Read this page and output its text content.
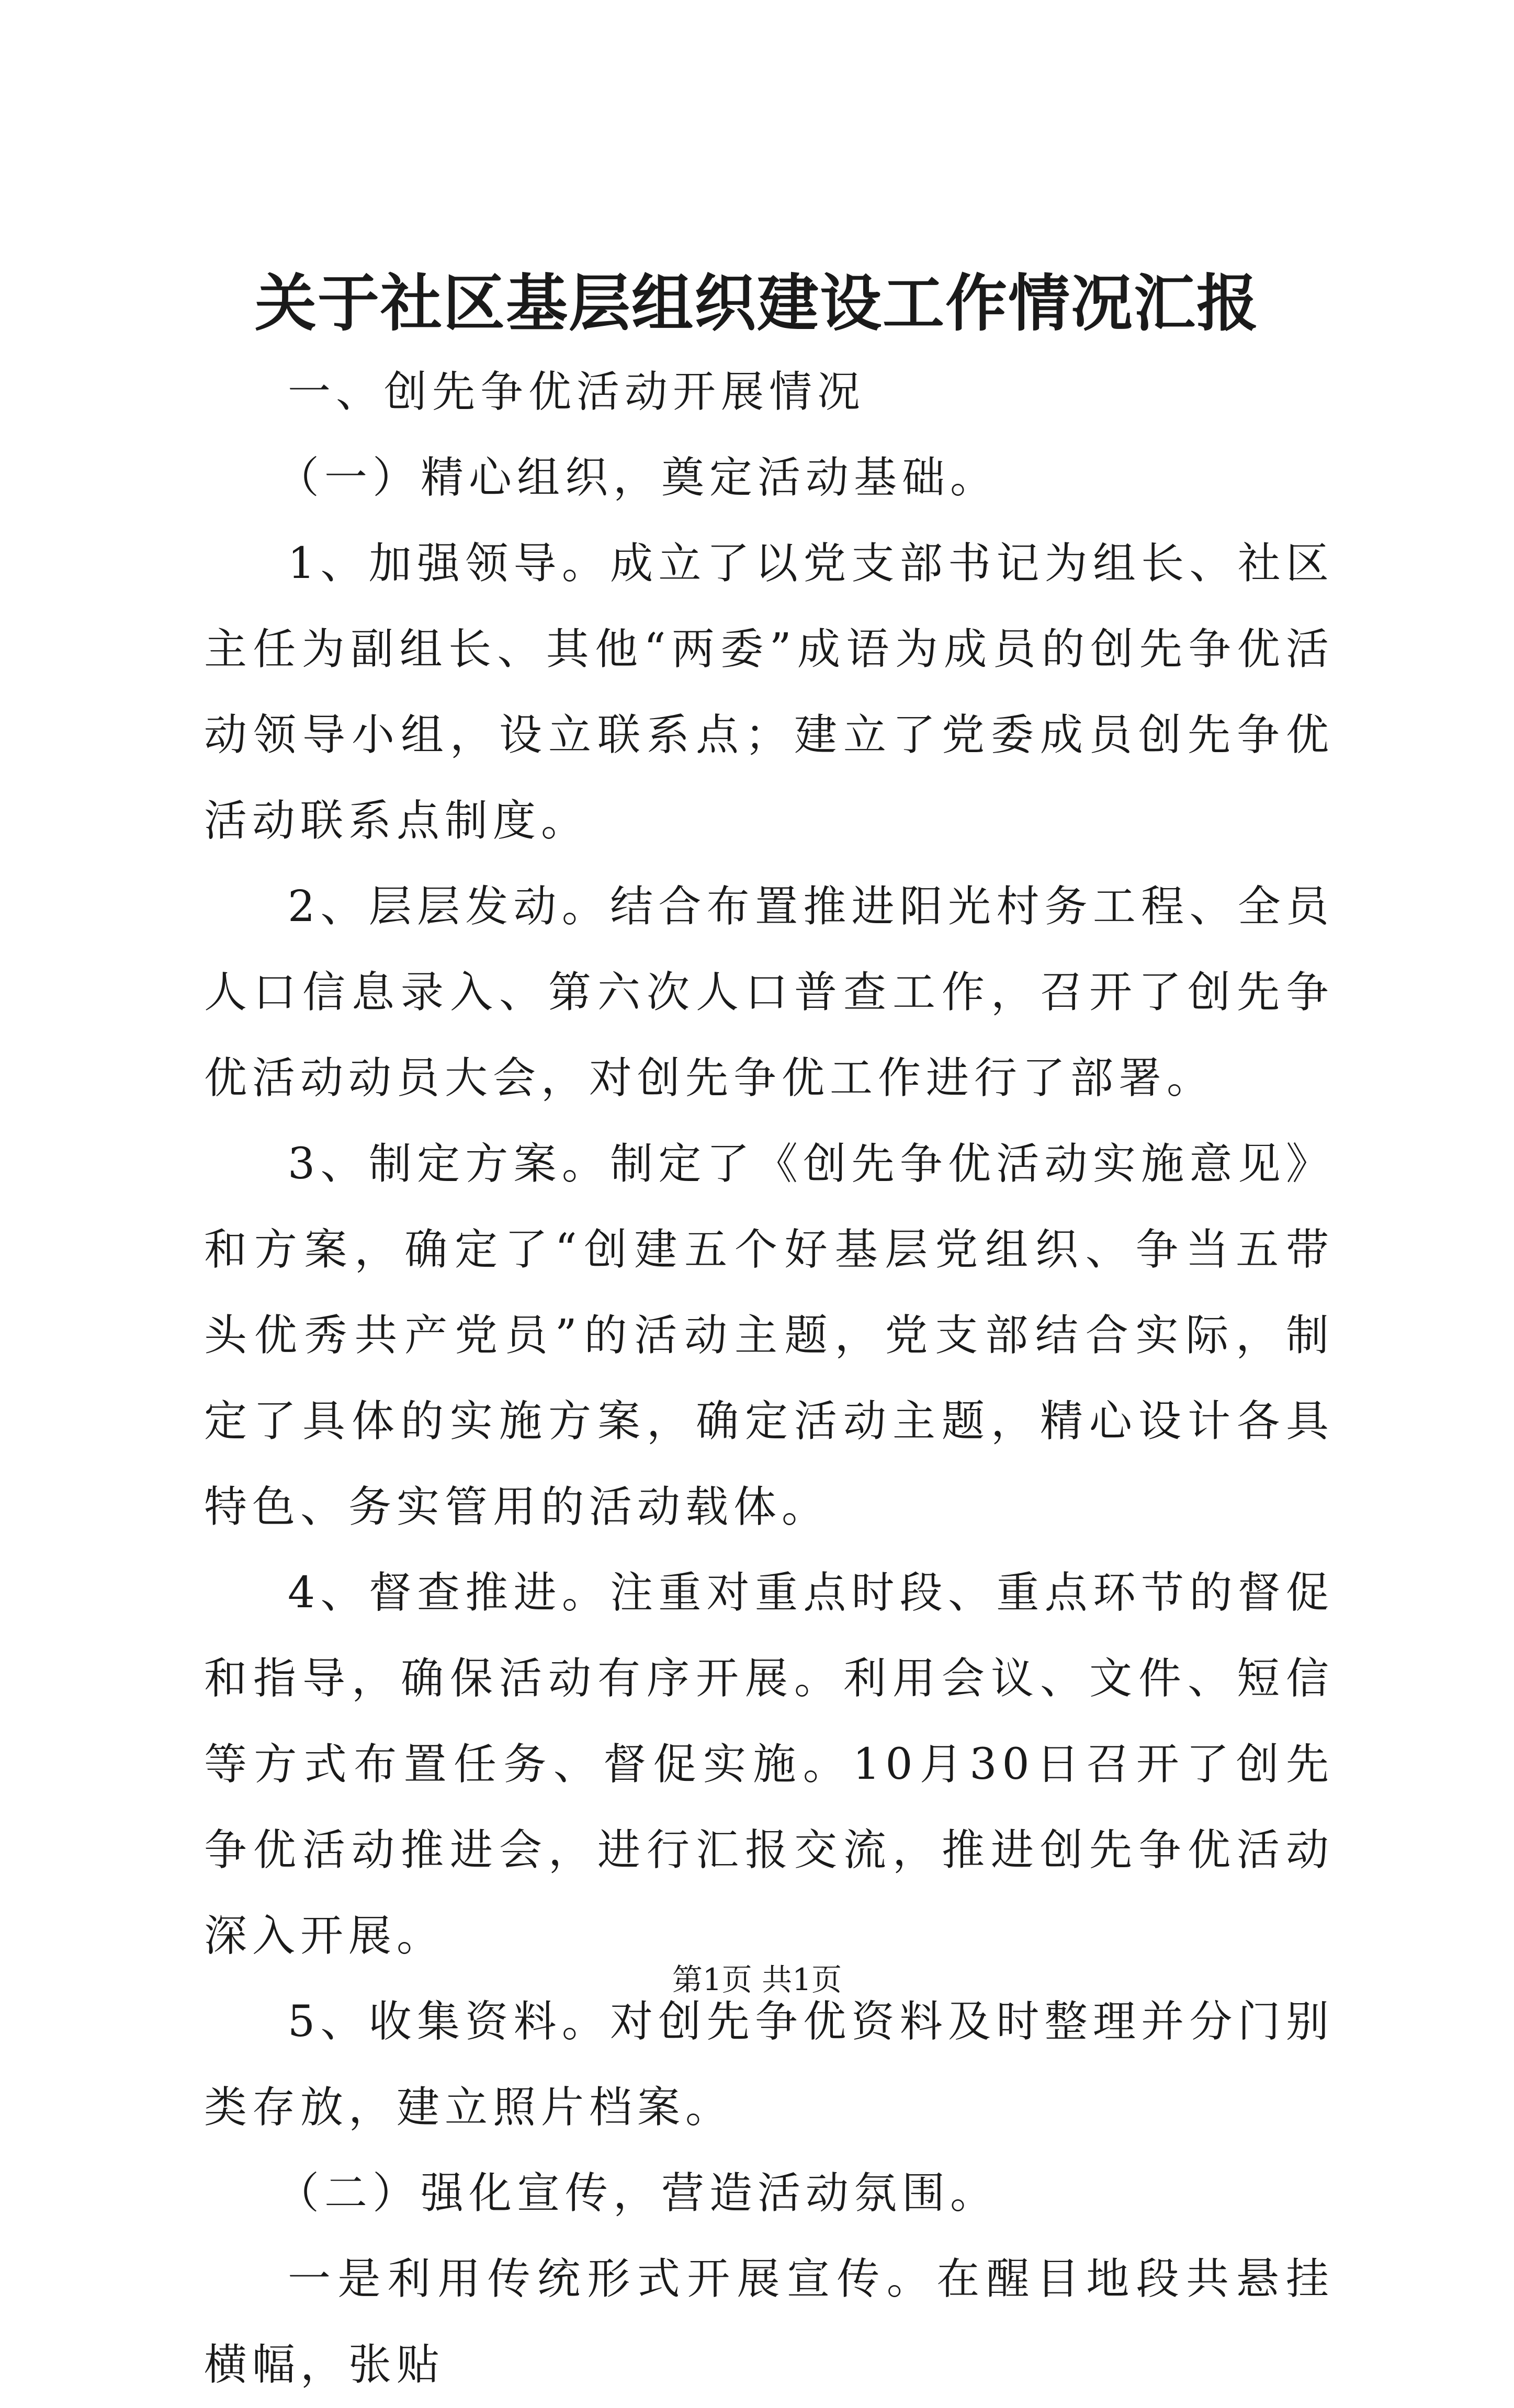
关于社区基层组织建设工作情况汇报

一、创先争优活动开展情况

（一）精心组织，奠定活动基础。

1、加强领导。成立了以党支部书记为组长、社区主任为副组长、其他“两委”成语为成员的创先争优活动领导小组，设立联系点；建立了党委成员创先争优活动联系点制度。

2、层层发动。结合布置推进阳光村务工程、全员人口信息录入、第六次人口普查工作，召开了创先争优活动动员大会，对创先争优工作进行了部署。

3、制定方案。制定了《创先争优活动实施意见》和方案，确定了“创建五个好基层党组织、争当五带头优秀共产党员”的活动主题，党支部结合实际，制定了具体的实施方案，确定活动主题，精心设计各具特色、务实管用的活动载体。

4、督查推进。注重对重点时段、重点环节的督促和指导，确保活动有序开展。利用会议、文件、短信等方式布置任务、督促实施。10月30日召开了创先争优活动推进会，进行汇报交流，推进创先争优活动深入开展。

5、收集资料。对创先争优资料及时整理并分门别类存放，建立照片档案。

（二）强化宣传，营造活动氛围。

一是利用传统形式开展宣传。在醒目地段共悬挂横幅，张贴

第1页 共1页
